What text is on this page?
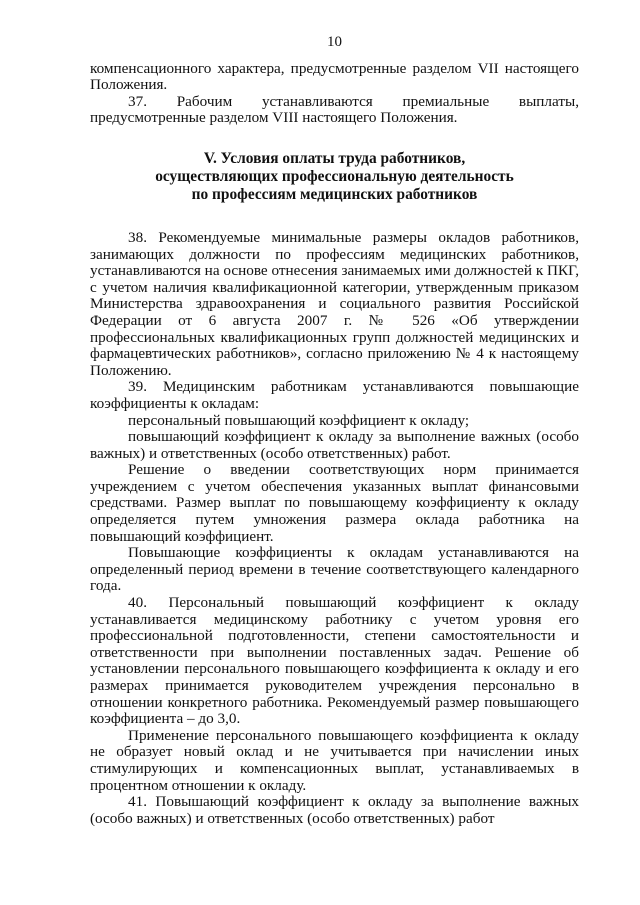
10

компенсационного характера, предусмотренные разделом VII настоящего Положения.

37. Рабочим устанавливаются премиальные выплаты, предусмотренные разделом VIII настоящего Положения.

V. Условия оплаты труда работников,
осуществляющих профессиональную деятельность
по профессиям медицинских работников

38. Рекомендуемые минимальные размеры окладов работников, занимающих должности по профессиям медицинских работников, устанавливаются на основе отнесения занимаемых ими должностей к ПКГ, с учетом наличия квалификационной категории, утвержденным приказом Министерства здравоохранения и социального развития Российской Федерации от 6 августа 2007 г. № 526 «Об утверждении профессиональных квалификационных групп должностей медицинских и фармацевтических работников», согласно приложению № 4 к настоящему Положению.

39. Медицинским работникам устанавливаются повышающие коэффициенты к окладам:

персональный повышающий коэффициент к окладу;

повышающий коэффициент к окладу за выполнение важных (особо важных) и ответственных (особо ответственных) работ.

Решение о введении соответствующих норм принимается учреждением с учетом обеспечения указанных выплат финансовыми средствами. Размер выплат по повышающему коэффициенту к окладу определяется путем умножения размера оклада работника на повышающий коэффициент.

Повышающие коэффициенты к окладам устанавливаются на определенный период времени в течение соответствующего календарного года.

40. Персональный повышающий коэффициент к окладу устанавливается медицинскому работнику с учетом уровня его профессиональной подготовленности, степени самостоятельности и ответственности при выполнении поставленных задач. Решение об установлении персонального повышающего коэффициента к окладу и его размерах принимается руководителем учреждения персонально в отношении конкретного работника. Рекомендуемый размер повышающего коэффициента – до 3,0.

Применение персонального повышающего коэффициента к окладу не образует новый оклад и не учитывается при начислении иных стимулирующих и компенсационных выплат, устанавливаемых в процентном отношении к окладу.

41. Повышающий коэффициент к окладу за выполнение важных (особо важных) и ответственных (особо ответственных) работ
